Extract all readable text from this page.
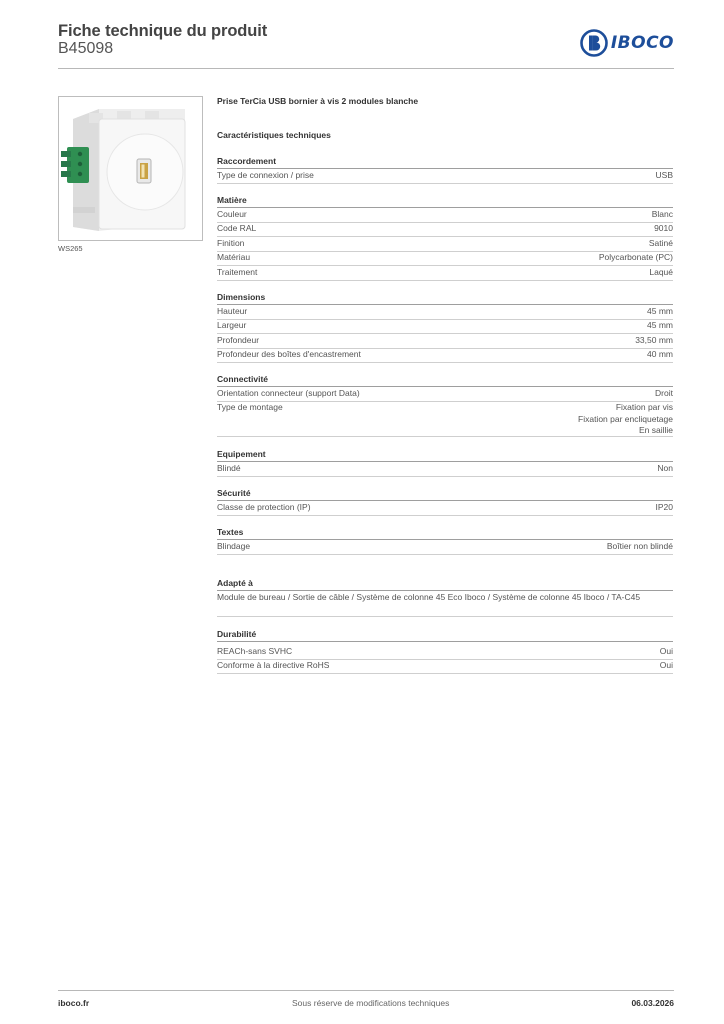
Fiche technique du produit
B45098	IBOCO
WS265
Prise TerCia USB bornier à vis 2 modules blanche
Caractéristiques techniques
Raccordement
Type de connexion / prise	USB
Matière
Couleur	Blanc
Code RAL	9010
Finition	Satiné
Matériau	Polycarbonate (PC)
Traitement	Laqué
Dimensions
Hauteur	45 mm
Largeur	45 mm
Profondeur	33,50 mm
Profondeur des boîtes d'encastrement	40 mm
Connectivité
Orientation connecteur (support Data)	Droit
Type de montage	Fixation par vis
Fixation par encliquetage
En saillie
Equipement
Blindé	Non
Sécurité
Classe de protection (IP)	IP20
Textes
Blindage	Boîtier non blindé
Adapté à
Module de bureau / Sortie de câble / Système de colonne 45 Eco Iboco / Système de colonne 45 Iboco / TA-C45
Durabilité
REACh-sans SVHC	Oui
Conforme à la directive RoHS	Oui
iboco.fr	Sous réserve de modifications techniques	06.03.2026
